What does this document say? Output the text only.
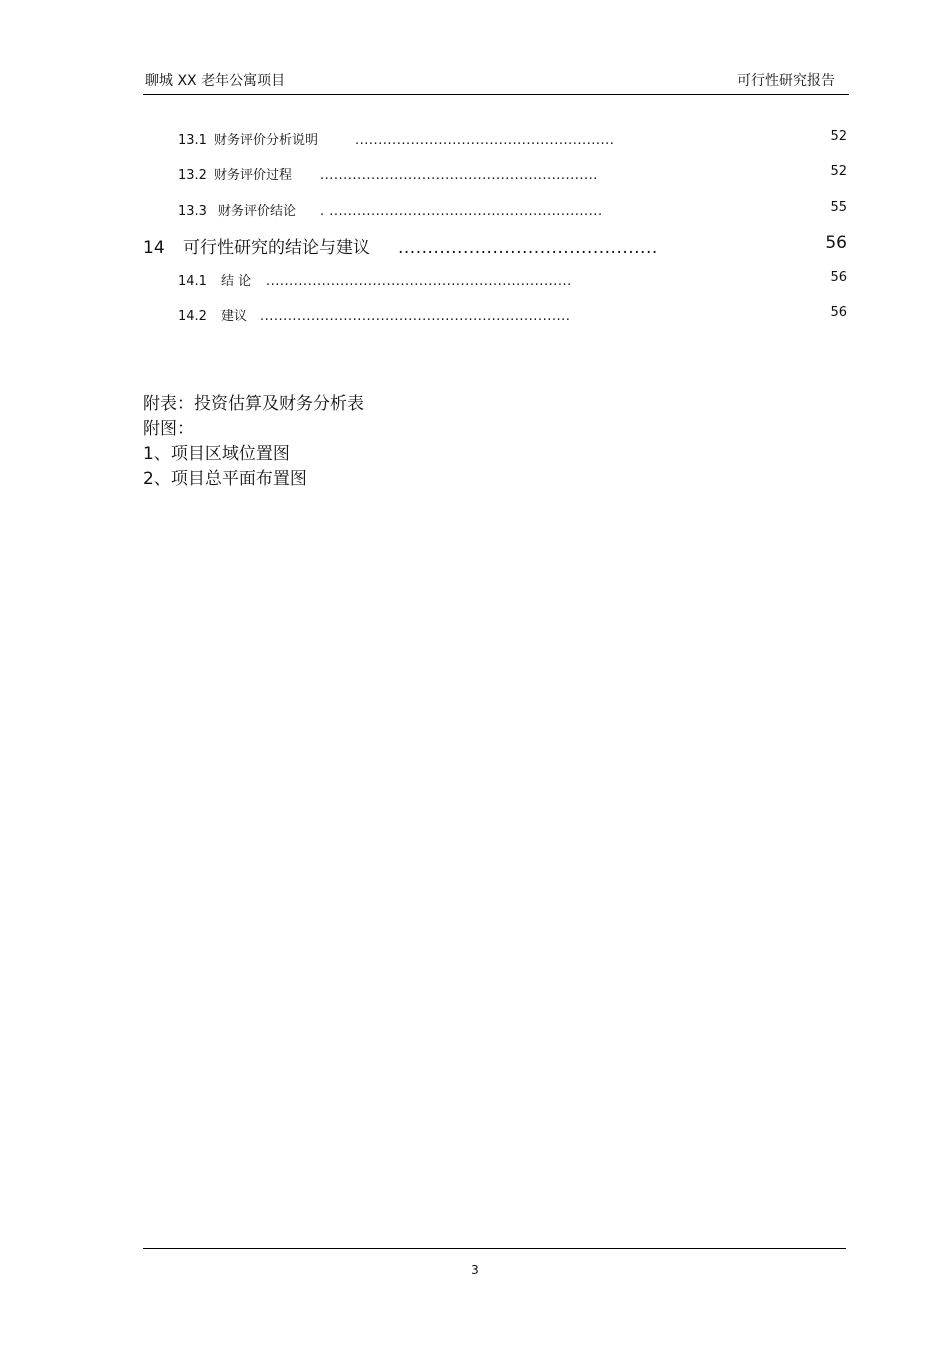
聊城 XX 老年公寓项目	可行性研究报告
13.1 财务评价分析说明	........................................................	52
13.2 财务评价过程	............................................................	52
13.3 财务评价结论	. ...........................................................	55
14	可行性研究的结论与建议	............................................	56
14.1	结 论	..................................................................	56
14.2	建议 ...................................................................	56
附表：投资估算及财务分析表
附图：
1、项目区域位置图
2、项目总平面布置图
3
